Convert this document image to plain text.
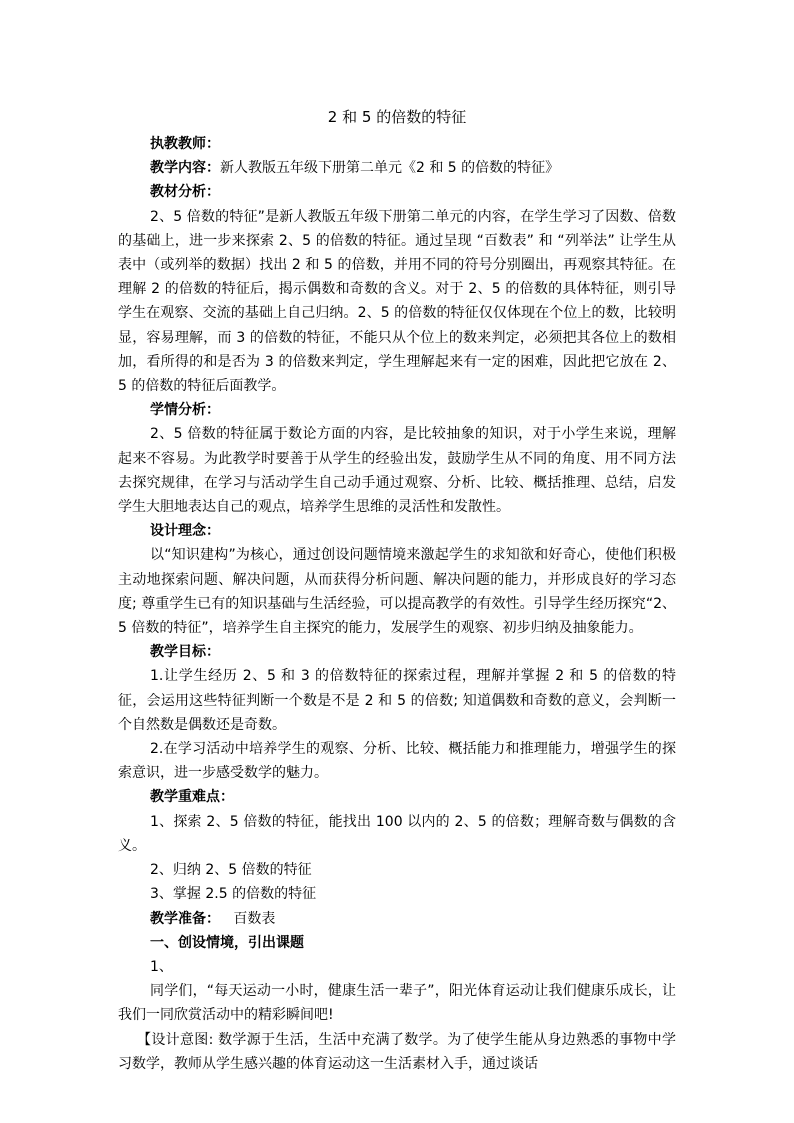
2 和 5 的倍数的特征
执教教师：
教学内容：新人教版五年级下册第二单元《2 和 5 的倍数的特征》
教材分析：
2、5 倍数的特征”是新人教版五年级下册第二单元的内容，在学生学习了因数、倍数的基础上，进一步来探索 2、5 的倍数的特征。通过呈现 “百数表” 和 “列举法” 让学生从表中（或列举的数据）找出 2 和 5 的倍数，并用不同的符号分别圈出，再观察其特征。在理解 2 的倍数的特征后，揭示偶数和奇数的含义。对于 2、5 的倍数的具体特征，则引导学生在观察、交流的基础上自己归纳。2、5 的倍数的特征仅仅体现在个位上的数，比较明显，容易理解，而 3 的倍数的特征，不能只从个位上的数来判定，必须把其各位上的数相加，看所得的和是否为 3 的倍数来判定，学生理解起来有一定的困难，因此把它放在 2、5 的倍数的特征后面教学。
学情分析：
2、5 倍数的特征属于数论方面的内容，是比较抽象的知识，对于小学生来说，理解起来不容易。为此教学时要善于从学生的经验出发，鼓励学生从不同的角度、用不同方法去探究规律，在学习与活动学生自己动手通过观察、分析、比较、概括推理、总结，启发学生大胆地表达自己的观点，培养学生思维的灵活性和发散性。
设计理念：
以“知识建构”为核心，通过创设问题情境来激起学生的求知欲和好奇心，使他们积极主动地探索问题、解决问题，从而获得分析问题、解决问题的能力，并形成良好的学习态度; 尊重学生已有的知识基础与生活经验，可以提高教学的有效性。引导学生经历探究“2、5 倍数的特征”，培养学生自主探究的能力，发展学生的观察、初步归纳及抽象能力。
教学目标：
1.让学生经历 2、5 和 3 的倍数特征的探索过程，理解并掌握 2 和 5 的倍数的特征，会运用这些特征判断一个数是不是 2 和 5 的倍数; 知道偶数和奇数的意义，会判断一个自然数是偶数还是奇数。
2.在学习活动中培养学生的观察、分析、比较、概括能力和推理能力，增强学生的探索意识，进一步感受数学的魅力。
教学重难点：
1、探索 2、5 倍数的特征，能找出 100 以内的 2、5 的倍数；理解奇数与偶数的含义。
2、归纳 2、5 倍数的特征
3、掌握 2.5 的倍数的特征
教学准备： 百数表
一、创设情境，引出课题
1、
同学们，“每天运动一小时，健康生活一辈子”，阳光体育运动让我们健康乐成长，让我们一同欣赏活动中的精彩瞬间吧!
【设计意图: 数学源于生活，生活中充满了数学。为了使学生能从身边熟悉的事物中学习数学，教师从学生感兴趣的体育运动这一生活素材入手，通过谈话
